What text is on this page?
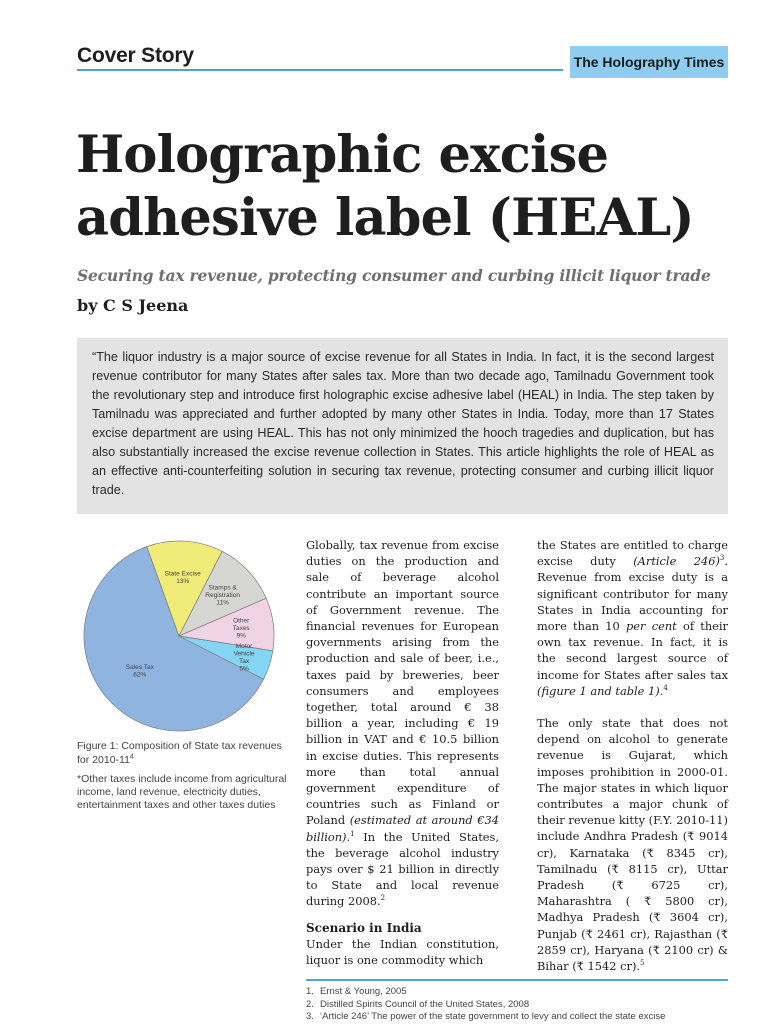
Cover Story	The Holography Times
Holographic excise
adhesive label (HEAL)
Securing tax revenue, protecting consumer and curbing illicit liquor trade
by C S Jeena
“The liquor industry is a major source of excise revenue for all States in India. In fact, it is the second largest revenue contributor for many States after sales tax. More than two decade ago, Tamilnadu Government took the revolutionary step and introduce first holographic excise adhesive label (HEAL) in India. The step taken by Tamilnadu was appreciated and further adopted by many other States in India. Today, more than 17 States excise department are using HEAL. This has not only minimized the hooch tragedies and duplication, but has also substantially increased the excise revenue collection in States. This article highlights the role of HEAL as an effective anti-counterfeiting solution in securing tax revenue, protecting consumer and curbing illicit liquor trade.
Sales Tax 62%
State Excise 13%
Stamps & Registration 11%
Other Taxes 9%
Motor Vehicle Tax 5%
Figure 1: Composition of State tax revenues for $2010-11^4$
*Other taxes include income from agricultural income, land revenue, electricity duties, entertainment taxes and other taxes duties

Globally, tax revenue from excise duties on the production and sale of beverage alcohol contribute an important source of Government revenue. The financial revenues for European governments arising from the production and sale of beer, i.e., taxes paid by breweries, beer consumers and employees together, total around € 38 billion a year, including € 19 billion in VAT and € 10.5 billion in excise duties. This represents more than total annual government expenditure of countries such as Finland or Poland (estimated at around €34 billion).$^1$ In the United States, the beverage alcohol industry pays over $ 21 billion in directly to State and local revenue during 2008.$^2$

Scenario in India

Under the Indian constitution, liquor is one commodity which

the States are entitled to charge excise duty (Article 246)$^3$. Revenue from excise duty is a significant contributor for many States in India accounting for more than 10 per cent of their own tax revenue. In fact, it is the second largest source of income for States after sales tax (figure 1 and table 1).$^4$

The only state that does not depend on alcohol to generate revenue is Gujarat, which imposes prohibition in 2000-01. The major states in which liquor contributes a major chunk of their revenue kitty (F.Y. 2010-11) include Andhra Pradesh (₹ 9014 cr), Karnataka (₹ 8345 cr), Tamilnadu (₹ 8115 cr), Uttar Pradesh (₹ 6725 cr), Maharashtra ( ₹ 5800 cr), Madhya Pradesh (₹ 3604 cr), Punjab (₹ 2461 cr), Rajasthan (₹ 2859 cr), Haryana (₹ 2100 cr) & Bihar (₹ 1542 cr).$^5$

1. Ernst & Young, 2005
2. Distilled Spirits Council of the United States, 2008
3. ‘Article 246’ The power of the state government to levy and collect the state excise
